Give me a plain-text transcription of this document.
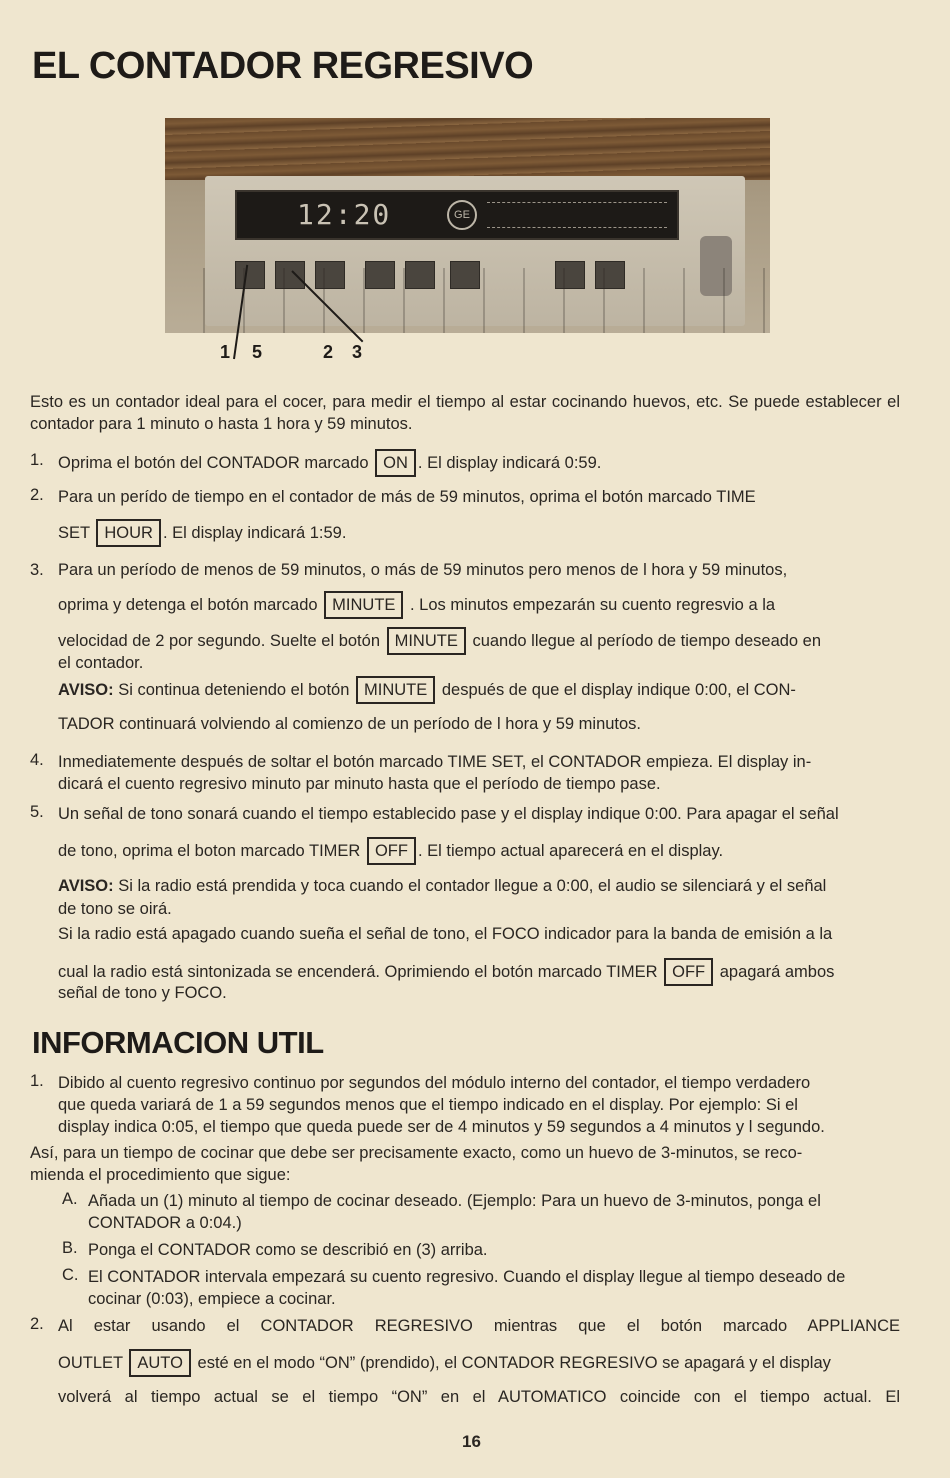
EL CONTADOR REGRESIVO
12:20	GE
1 5	2 3
Esto es un contador ideal para el cocer, para medir el tiempo al estar cocinando huevos, etc. Se puede establecer el contador para 1 minuto o hasta 1 hora y 59 minutos.
1. Oprima el botón del CONTADOR marcado ON . El display indicará 0:59.
2. Para un perído de tiempo en el contador de más de 59 minutos, oprima el botón marcado TIME
SET HOUR . El display indicará 1:59.
3. Para un período de menos de 59 minutos, o más de 59 minutos pero menos de l hora y 59 minutos,
oprima y detenga el botón marcado MINUTE . Los minutos empezarán su cuento regresvio a la
velocidad de 2 por segundo. Suelte el botón MINUTE cuando llegue al período de tiempo deseado en
el contador.
AVISO: Si continua deteniendo el botón MINUTE después de que el display indique 0:00, el CON-
TADOR continuará volviendo al comienzo de un período de l hora y 59 minutos.
4. Inmediatemente después de soltar el botón marcado TIME SET, el CONTADOR empieza. El display in-
dicará el cuento regresivo minuto par minuto hasta que el período de tiempo pase.
5. Un señal de tono sonará cuando el tiempo establecido pase y el display indique 0:00. Para apagar el señal
de tono, oprima el boton marcado TIMER OFF . El tiempo actual aparecerá en el display.
AVISO: Si la radio está prendida y toca cuando el contador llegue a 0:00, el audio se silenciará y el señal
de tono se oirá.
Si la radio está apagado cuando sueña el señal de tono, el FOCO indicador para la banda de emisión a la
cual la radio está sintonizada se encenderá. Oprimiendo el botón marcado TIMER OFF apagará ambos
señal de tono y FOCO.
INFORMACION UTIL
1. Dibido al cuento regresivo continuo por segundos del módulo interno del contador, el tiempo verdadero
que queda variará de 1 a 59 segundos menos que el tiempo indicado en el display. Por ejemplo: Si el
display indica 0:05, el tiempo que queda puede ser de 4 minutos y 59 segundos a 4 minutos y l segundo.
Así, para un tiempo de cocinar que debe ser precisamente exacto, como un huevo de 3-minutos, se reco-
mienda el procedimiento que sigue:
A. Añada un (1) minuto al tiempo de cocinar deseado. (Ejemplo: Para un huevo de 3-minutos, ponga el
CONTADOR a 0:04.)
B. Ponga el CONTADOR como se describió en (3) arriba.
C. El CONTADOR intervala empezará su cuento regresivo. Cuando el display llegue al tiempo deseado de
cocinar (0:03), empiece a cocinar.
2. Al estar usando el CONTADOR REGRESIVO mientras que el botón marcado APPLIANCE
OUTLET AUTO esté en el modo “ON” (prendido), el CONTADOR REGRESIVO se apagará y el display
volverá al tiempo actual se el tiempo “ON” en el AUTOMATICO coincide con el tiempo actual. El
16
